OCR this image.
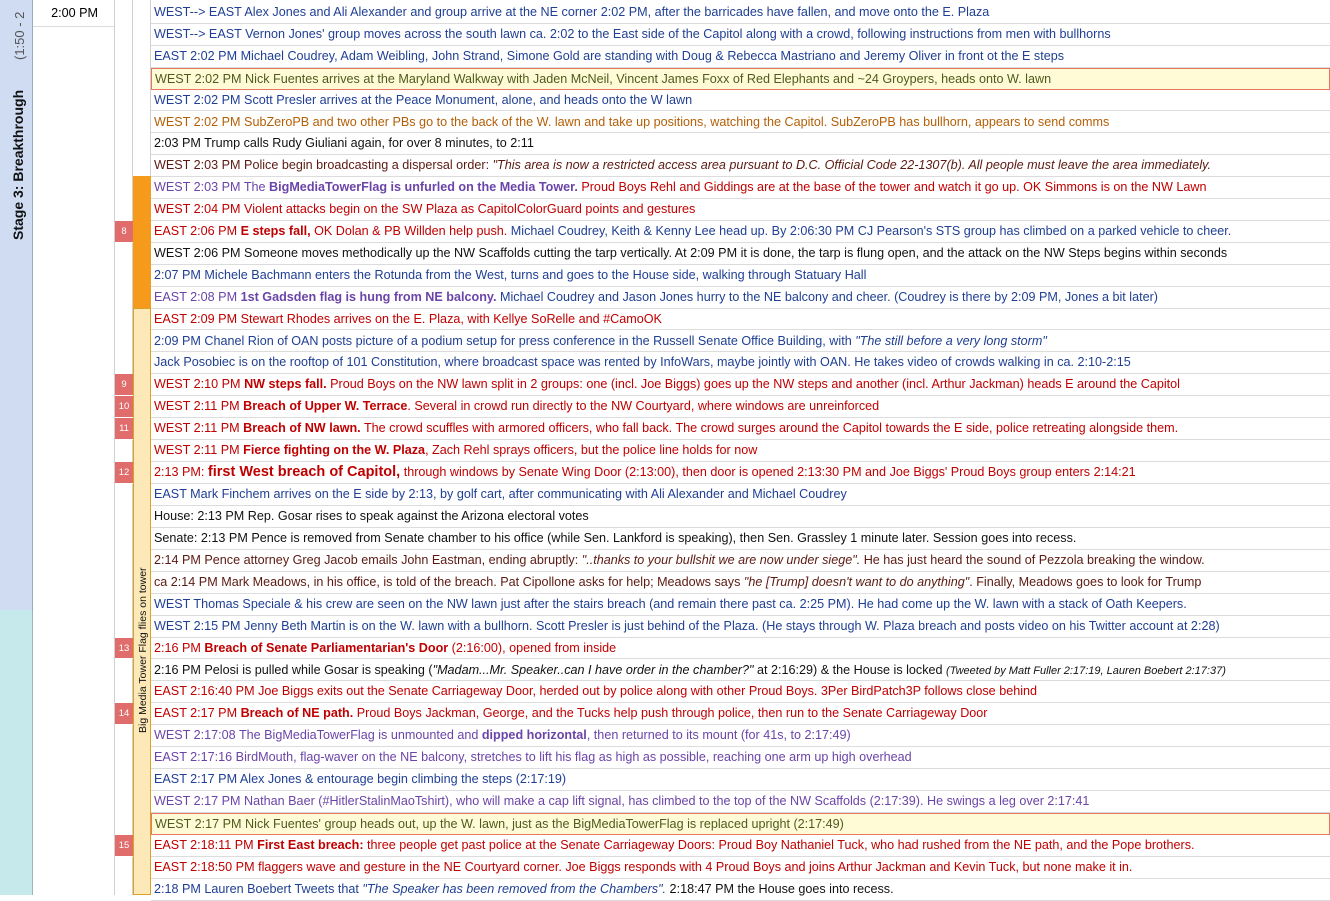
(1:50 - 2
Stage 3: Breakthrough
2:00 PM
8
9
10
11
12
13
14
15
Big Media Tower Flag flies on tower
WEST--> EAST Alex Jones and Ali Alexander and group arrive at the NE corner 2:02 PM, after the barricades have fallen, and move onto the E. Plaza
WEST--> EAST Vernon Jones' group moves across the south lawn ca. 2:02 to the East side of the Capitol along with a crowd, following instructions from men with bullhorns
EAST 2:02 PM Michael Coudrey, Adam Weibling, John Strand, Simone Gold are standing with Doug & Rebecca Mastriano and Jeremy Oliver in front ot the E steps
WEST 2:02 PM Nick Fuentes arrives at the Maryland Walkway with Jaden McNeil, Vincent James Foxx of Red Elephants and ~24 Groypers, heads onto W. lawn
WEST 2:02 PM Scott Presler arrives at the Peace Monument, alone, and heads onto the W lawn
WEST 2:02 PM SubZeroPB and two other PBs go to the back of the W. lawn and take up positions, watching the Capitol. SubZeroPB has bullhorn, appears to send comms
2:03 PM Trump calls Rudy Giuliani again, for over 8 minutes, to 2:11
WEST 2:03 PM Police begin broadcasting a dispersal order: "This area is now a restricted access area pursuant to D.C. Official Code 22-1307(b). All people must leave the area immediately.
WEST 2:03 PM The BigMediaTowerFlag is unfurled on the Media Tower. Proud Boys Rehl and Giddings are at the base of the tower and watch it go up. OK Simmons is on the NW Lawn
WEST 2:04 PM Violent attacks begin on the SW Plaza as CapitolColorGuard points and gestures
EAST 2:06 PM E steps fall, OK Dolan & PB Willden help push. Michael Coudrey, Keith & Kenny Lee head up. By 2:06:30 PM CJ Pearson's STS group has climbed on a parked vehicle to cheer.
WEST 2:06 PM Someone moves methodically up the NW Scaffolds cutting the tarp vertically. At 2:09 PM it is done, the tarp is flung open, and the attack on the NW Steps begins within seconds
2:07 PM Michele Bachmann enters the Rotunda from the West, turns and goes to the House side, walking through Statuary Hall
EAST 2:08 PM 1st Gadsden flag is hung from NE balcony. Michael Coudrey and Jason Jones hurry to the NE balcony and cheer. (Coudrey is there by 2:09 PM, Jones a bit later)
EAST 2:09 PM Stewart Rhodes arrives on the E. Plaza, with Kellye SoRelle and #CamoOK
2:09 PM Chanel Rion of OAN posts picture of a podium setup for press conference in the Russell Senate Office Building, with "The still before a very long storm"
Jack Posobiec is on the rooftop of 101 Constitution, where broadcast space was rented by InfoWars, maybe jointly with OAN. He takes video of crowds walking in ca. 2:10-2:15
WEST 2:10 PM NW steps fall. Proud Boys on the NW lawn split in 2 groups: one (incl. Joe Biggs) goes up the NW steps and another (incl. Arthur Jackman) heads E around the Capitol
WEST 2:11 PM Breach of Upper W. Terrace. Several in crowd run directly to the NW Courtyard, where windows are unreinforced
WEST 2:11 PM Breach of NW lawn. The crowd scuffles with armored officers, who fall back. The crowd surges around the Capitol towards the E side, police retreating alongside them.
WEST 2:11 PM Fierce fighting on the W. Plaza, Zach Rehl sprays officers, but the police line holds for now
2:13 PM: first West breach of Capitol, through windows by Senate Wing Door (2:13:00), then door is opened 2:13:30 PM and Joe Biggs' Proud Boys group enters 2:14:21
EAST Mark Finchem arrives on the E side by 2:13, by golf cart, after communicating with Ali Alexander and Michael Coudrey
House: 2:13 PM Rep. Gosar rises to speak against the Arizona electoral votes
Senate: 2:13 PM Pence is removed from Senate chamber to his office (while Sen. Lankford is speaking), then Sen. Grassley 1 minute later. Session goes into recess.
2:14 PM Pence attorney Greg Jacob emails John Eastman, ending abruptly: "..thanks to your bullshit we are now under siege". He has just heard the sound of Pezzola breaking the window.
ca 2:14 PM Mark Meadows, in his office, is told of the breach. Pat Cipollone asks for help; Meadows says "he [Trump] doesn't want to do anything". Finally, Meadows goes to look for Trump
WEST Thomas Speciale & his crew are seen on the NW lawn just after the stairs breach (and remain there past ca. 2:25 PM). He had come up the W. lawn with a stack of Oath Keepers.
WEST 2:15 PM Jenny Beth Martin is on the W. lawn with a bullhorn. Scott Presler is just behind of the Plaza. (He stays through W. Plaza breach and posts video on his Twitter account at 2:28)
2:16 PM Breach of Senate Parliamentarian's Door (2:16:00), opened from inside
2:16 PM Pelosi is pulled while Gosar is speaking ("Madam...Mr. Speaker..can I have order in the chamber?" at 2:16:29) & the House is locked (Tweeted by Matt Fuller 2:17:19, Lauren Boebert 2:17:37)
EAST 2:16:40 PM Joe Biggs exits out the Senate Carriageway Door, herded out by police along with other Proud Boys. 3Per BirdPatch3P follows close behind
EAST 2:17 PM Breach of NE path. Proud Boys Jackman, George, and the Tucks help push through police, then run to the Senate Carriageway Door
WEST 2:17:08 The BigMediaTowerFlag is unmounted and dipped horizontal, then returned to its mount (for 41s, to 2:17:49)
EAST 2:17:16 BirdMouth, flag-waver on the NE balcony, stretches to lift his flag as high as possible, reaching one arm up high overhead
EAST 2:17 PM Alex Jones & entourage begin climbing the steps (2:17:19)
WEST 2:17 PM Nathan Baer (#HitlerStalinMaoTshirt), who will make a cap lift signal, has climbed to the top of the NW Scaffolds (2:17:39). He swings a leg over 2:17:41
WEST 2:17 PM Nick Fuentes' group heads out, up the W. lawn, just as the BigMediaTowerFlag is replaced upright (2:17:49)
EAST 2:18:11 PM First East breach: three people get past police at the Senate Carriageway Doors: Proud Boy Nathaniel Tuck, who had rushed from the NE path, and the Pope brothers.
EAST 2:18:50 PM flaggers wave and gesture in the NE Courtyard corner. Joe Biggs responds with 4 Proud Boys and joins Arthur Jackman and Kevin Tuck, but none make it in.
2:18 PM Lauren Boebert Tweets that "The Speaker has been removed from the Chambers". 2:18:47 PM the House goes into recess.
